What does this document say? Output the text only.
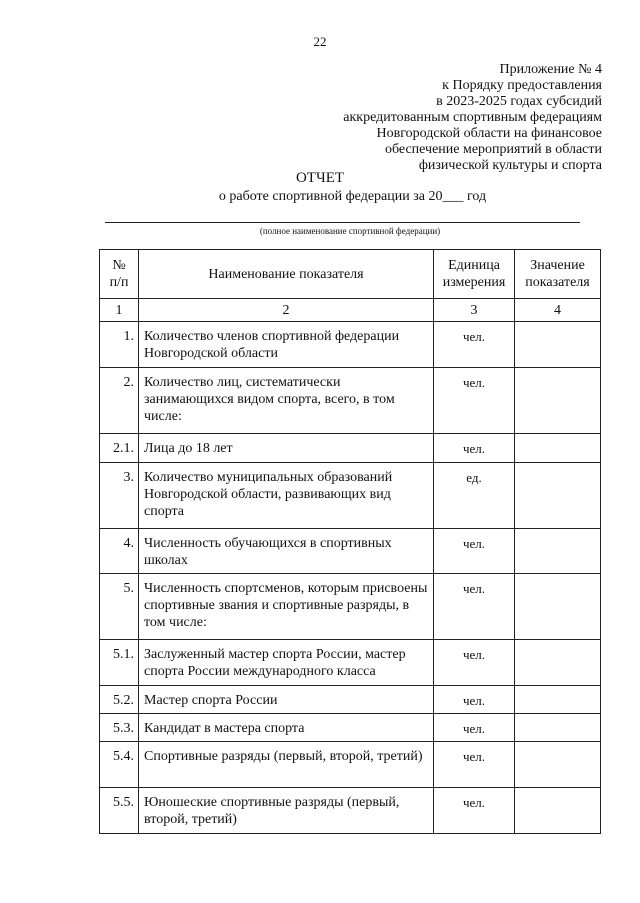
22
Приложение № 4
к Порядку предоставления
в 2023-2025 годах субсидий
аккредитованным спортивным федерациям
Новгородской области на финансовое
обеспечение мероприятий в области
физической культуры и спорта
ОТЧЕТ
о работе спортивной федерации за 20___ год
(полное наименование спортивной федерации)
№ п/п	Наименование показателя	Единица измерения	Значение показателя
1	2	3	4
1.	Количество членов спортивной федерации Новгородской области	чел.	
2.	Количество лиц, систематически занимающихся видом спорта, всего, в том числе:	чел.	
2.1.	Лица до 18 лет	чел.	
3.	Количество муниципальных образований Новгородской области, развивающих вид спорта	ед.	
4.	Численность обучающихся в спортивных школах	чел.	
5.	Численность спортсменов, которым присвоены спортивные звания и спортивные разряды, в том числе:	чел.	
5.1.	Заслуженный мастер спорта России, мастер спорта России международного класса	чел.	
5.2.	Мастер спорта России	чел.	
5.3.	Кандидат в мастера спорта	чел.	
5.4.	Спортивные разряды (первый, второй, третий)	чел.	
5.5.	Юношеские спортивные разряды (первый, второй, третий)	чел.	
